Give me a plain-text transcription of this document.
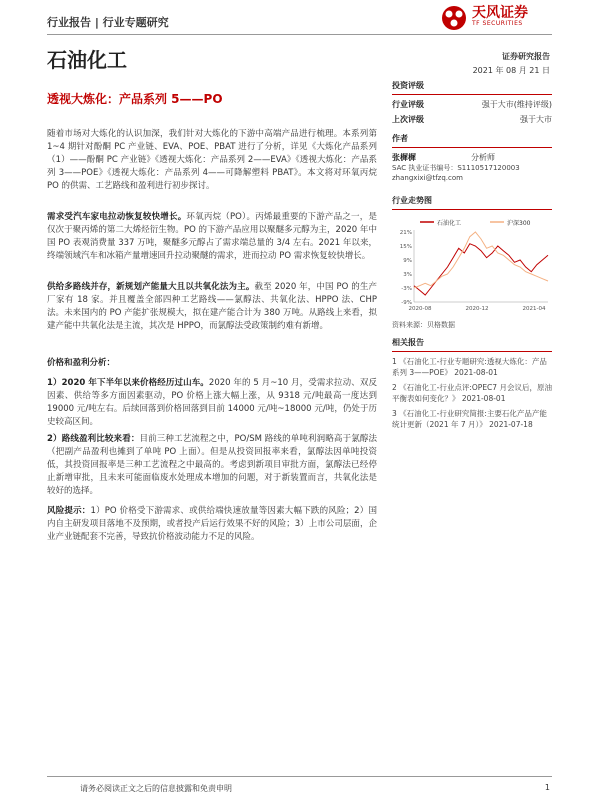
行业报告 | 行业专题研究
天风证券
TF SECURITIES
石油化工	证券研究报告
2021 年 08 月 21 日
透视大炼化：产品系列 5——PO
投资评级
行业评级	强于大市(维持评级)
上次评级	强于大市
作者
张樨樨	分析师
SAC 执业证书编号：S1110517120003
zhangxixi@tfzq.com
行业走势图
石油化工	沪深300
21%
15%
9%
3%
-3%
-9%
2020-08	2020-12	2021-04
资料来源：贝格数据
相关报告
1 《石油化工-行业专题研究:透视大炼化：产品系列 3——POE》 2021-08-01
2 《石油化工-行业点评:OPEC7 月会议后，原油平衡表如何变化？》 2021-08-01
3 《石油化工-行业研究简报:主要石化产品产能统计更新（2021 年 7 月）》 2021-07-18
随着市场对大炼化的认识加深，我们针对大炼化的下游中高端产品进行梳理。本系列第 1~4 期针对酚酮 PC 产业链、EVA、POE、PBAT 进行了分析，详见《大炼化产品系列（1）——酚酮 PC 产业链》《透视大炼化：产品系列 2——EVA》《透视大炼化：产品系列 3——POE》《透视大炼化：产品系列 4——可降解塑料 PBAT》。本文将对环氧丙烷 PO 的供需、工艺路线和盈利进行初步探讨。
需求受汽车家电拉动恢复较快增长。环氧丙烷（PO）。丙烯最重要的下游产品之一，是仅次于聚丙烯的第二大烯烃衍生物。PO 的下游产品应用以聚醚多元醇为主，2020 年中国 PO 表观消费量 337 万吨，聚醚多元醇占了需求端总量的 3/4 左右。2021 年以来，终端领域汽车和冰箱产量增速回升拉动聚醚的需求，进而拉动 PO 需求恢复较快增长。
供给多路线并存，新规划产能量大且以共氧化法为主。截至 2020 年，中国 PO 的生产厂家有 18 家。并且覆盖全部四种工艺路线——氯醇法、共氧化法、HPPO 法、CHP 法。未来国内的 PO 产能扩张规模大，拟在建产能合计为 380 万吨。从路线上来看，拟建产能中共氧化法是主流，其次是 HPPO，而氯醇法受政策制约难有新增。
价格和盈利分析：
1）2020 年下半年以来价格经历过山车。2020 年的 5 月~10 月，受需求拉动、双反因素、供给等多方面因素驱动，PO 价格上涨大幅上涨，从 9318 元/吨最高一度达到 19000 元/吨左右。后续回落到价格回落到目前 14000 元/吨~18000 元/吨，仍处于历史较高区间。
2）路线盈利比较来看：目前三种工艺流程之中，PO/SM 路线的单吨利润略高于氯醇法（把副产品盈利也摊到了单吨 PO 上面）。但是从投资回报率来看，氯醇法因单吨投资低，其投资回报率是三种工艺流程之中最高的。考虑到新项目审批方面，氯醇法已经停止新增审批，且未来可能面临废水处理成本增加的问题，对于新装置而言，共氧化法是较好的选择。
风险提示：1）PO 价格受下游需求、或供给端快速放量等因素大幅下跌的风险；2）国内自主研发项目落地不及预期，或者投产后运行效果不好的风险；3）上市公司层面，企业产业链配套不完善，导致抗价格波动能力不足的风险。
请务必阅读正文之后的信息披露和免责申明	1
